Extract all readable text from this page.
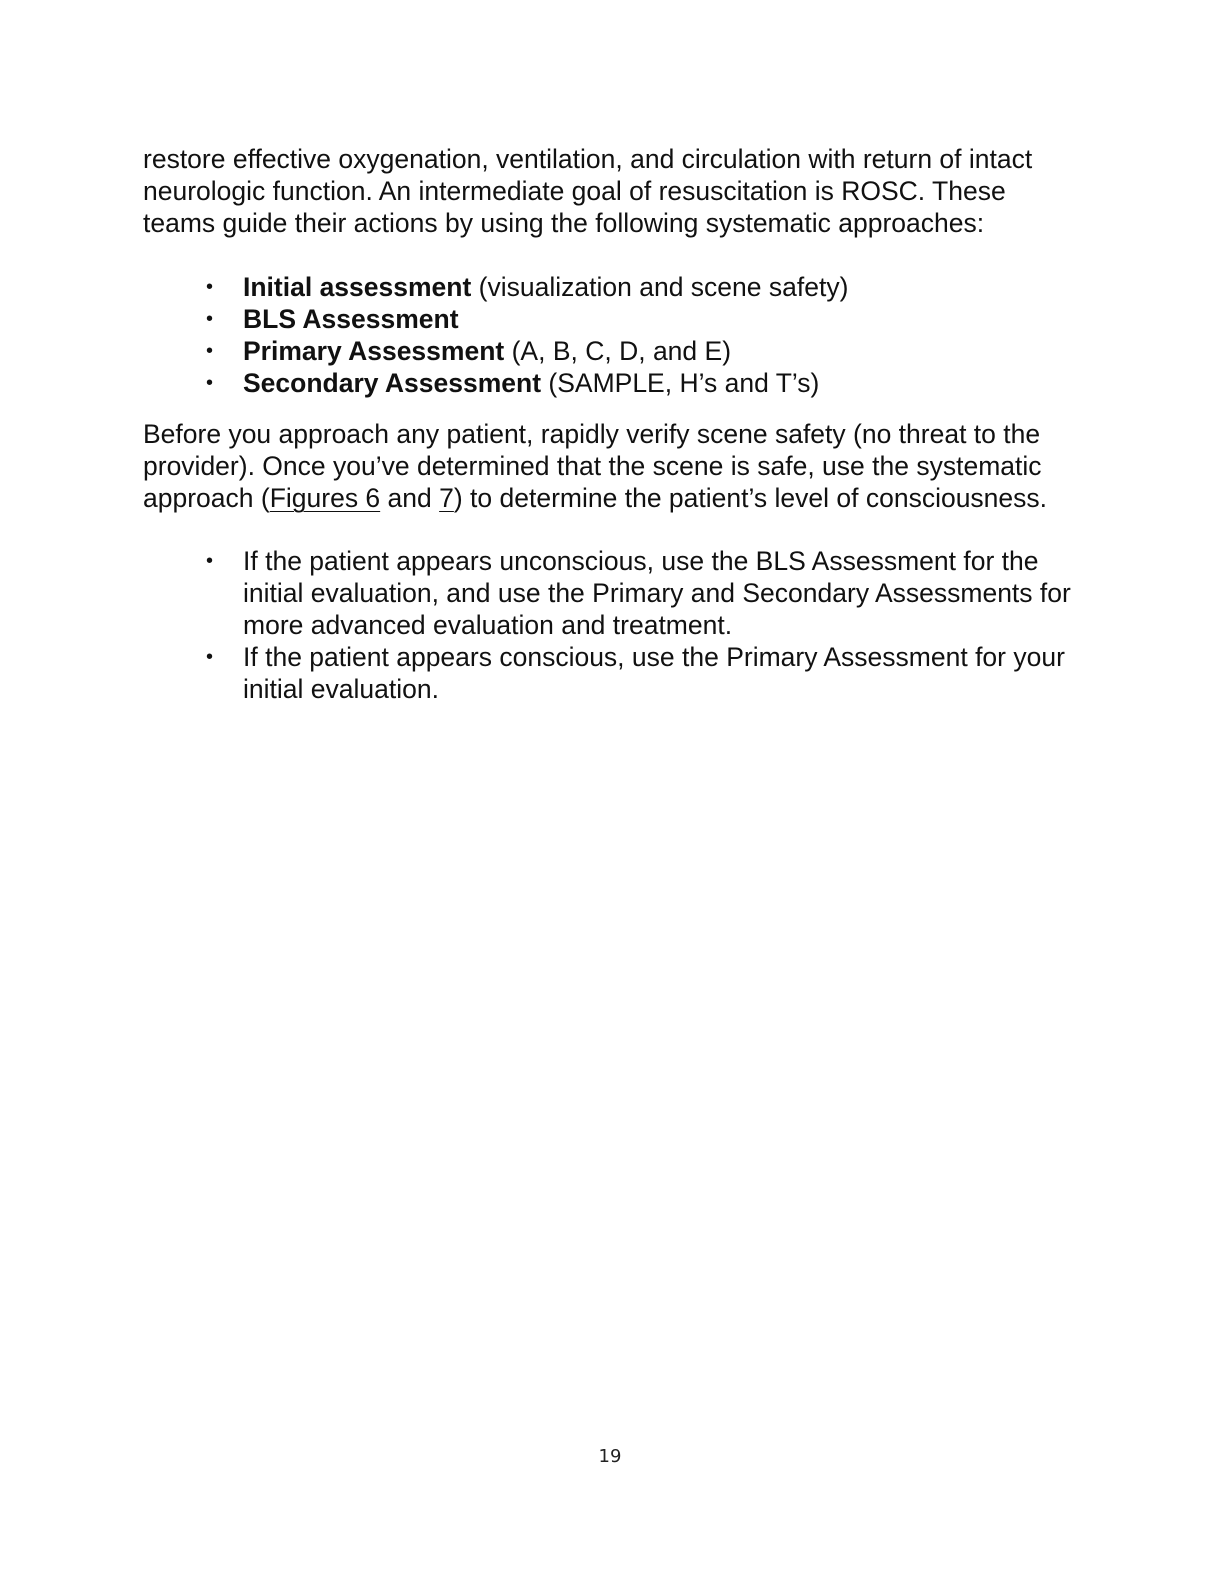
restore effective oxygenation, ventilation, and circulation with return of intact neurologic function. An intermediate goal of resuscitation is ROSC. These teams guide their actions by using the following systematic approaches:

• Initial assessment (visualization and scene safety)
• BLS Assessment
• Primary Assessment (A, B, C, D, and E)
• Secondary Assessment (SAMPLE, H’s and T’s)

Before you approach any patient, rapidly verify scene safety (no threat to the provider). Once you’ve determined that the scene is safe, use the systematic approach (Figures 6 and 7) to determine the patient’s level of consciousness.

• If the patient appears unconscious, use the BLS Assessment for the initial evaluation, and use the Primary and Secondary Assessments for more advanced evaluation and treatment.
• If the patient appears conscious, use the Primary Assessment for your initial evaluation.
19
